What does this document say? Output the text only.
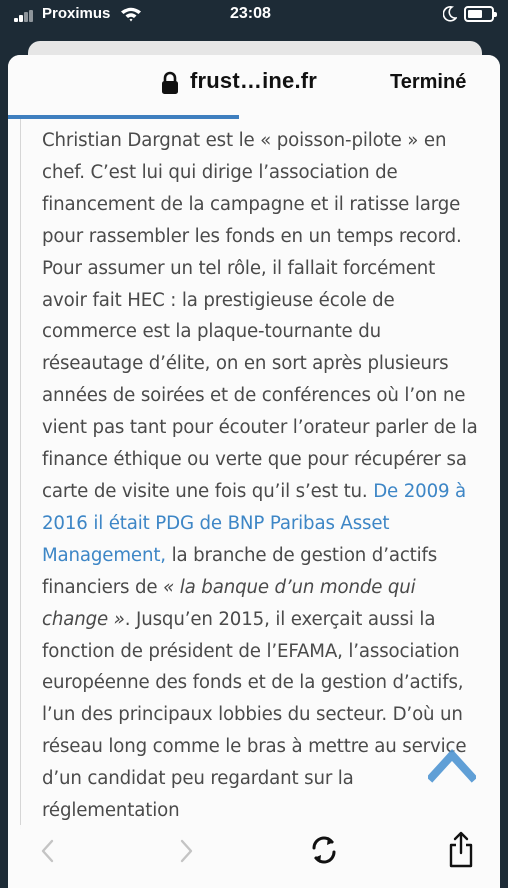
Proximus	23:08
frust…ine.fr	Terminé
Christian Dargnat est le « poisson-pilote » en chef. C’est lui qui dirige l’association de financement de la campagne et il ratisse large pour rassembler les fonds en un temps record. Pour assumer un tel rôle, il fallait forcément avoir fait HEC : la prestigieuse école de commerce est la plaque-tournante du réseautage d’élite, on en sort après plusieurs années de soirées et de conférences où l’on ne vient pas tant pour écouter l’orateur parler de la finance éthique ou verte que pour récupérer sa carte de visite une fois qu’il s’est tu. De 2009 à 2016 il était PDG de BNP Paribas Asset Management, la branche de gestion d’actifs financiers de « la banque d’un monde qui change ». Jusqu’en 2015, il exerçait aussi la fonction de président de l’EFAMA, l’association européenne des fonds et de la gestion d’actifs, l’un des principaux lobbies du secteur. D’où un réseau long comme le bras à mettre au service d’un candidat peu regardant sur la réglementation
